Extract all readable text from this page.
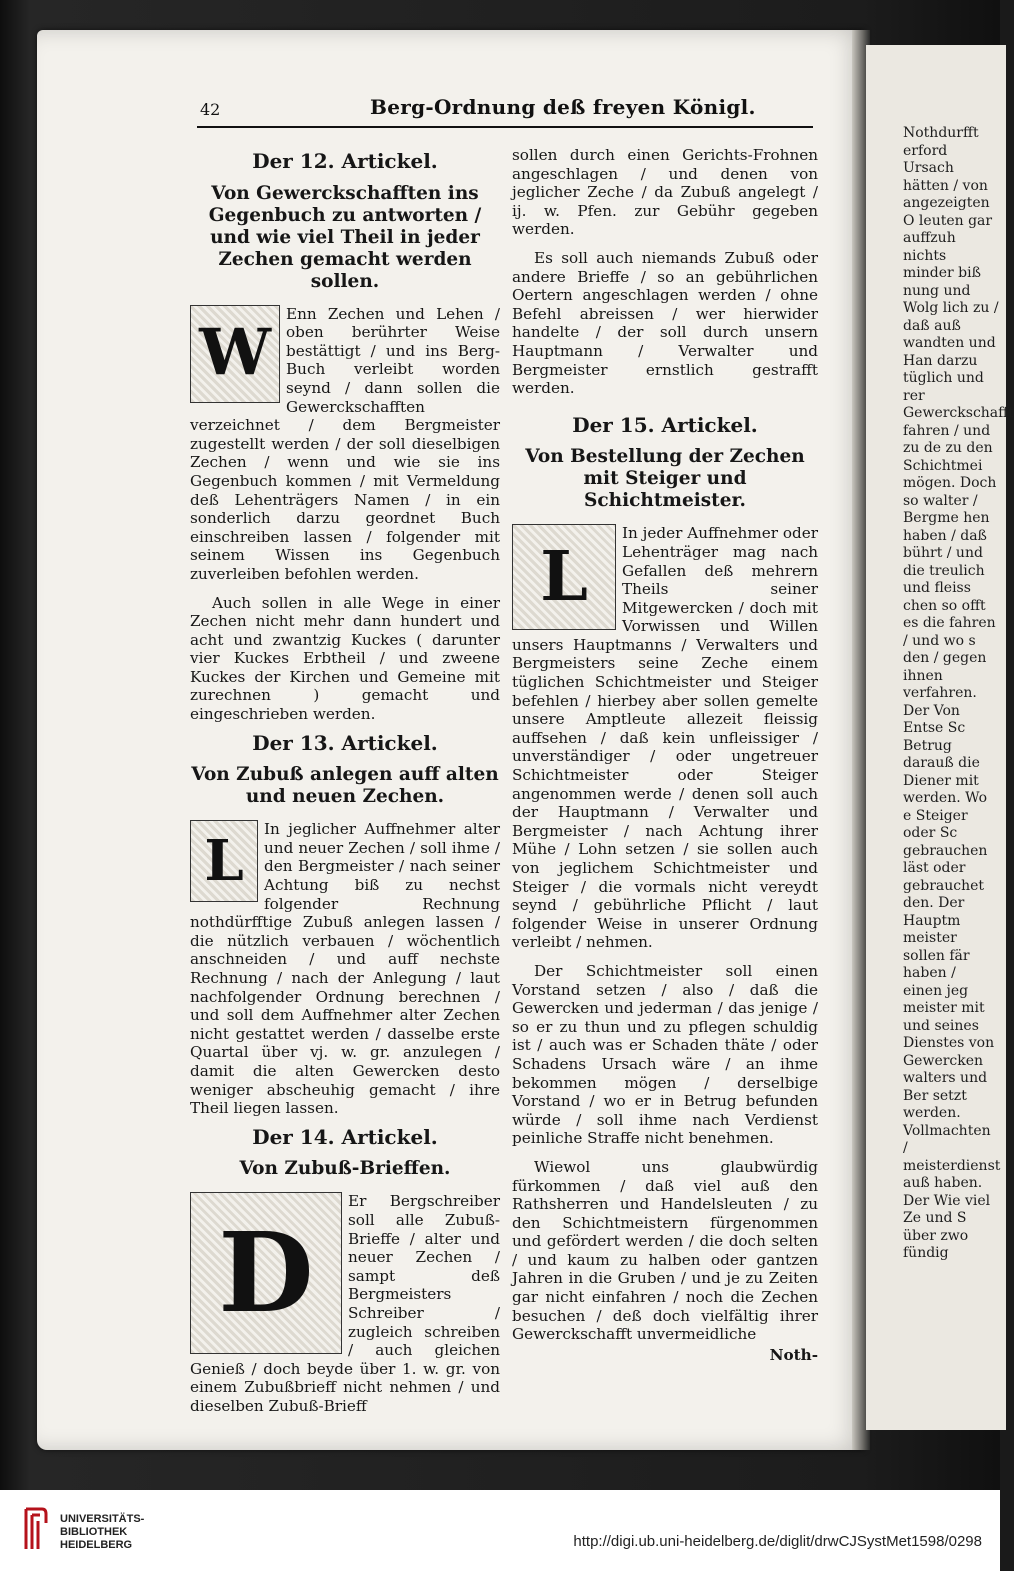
42	Berg-Ordnung deß freyen Königl.
Der 12. Artickel.
Von Gewerckschafften ins Gegenbuch zu antworten / und wie viel Theil in jeder Zechen gemacht werden sollen.
W
Enn Zechen und Lehen / oben berührter Weise bestättigt / und ins Berg-Buch verleibt worden seynd / dann sollen die Gewerckschafften verzeichnet / dem Bergmeister zugestellt werden / der soll dieselbigen Zechen / wenn und wie sie ins Gegenbuch kommen / mit Vermeldung deß Lehenträgers Namen / in ein sonderlich darzu geordnet Buch einschreiben lassen / folgender mit seinem Wissen ins Gegenbuch zuverleiben befohlen werden.
Auch sollen in alle Wege in einer Zechen nicht mehr dann hundert und acht und zwantzig Kuckes ( darunter vier Kuckes Erbtheil / und zweene Kuckes der Kirchen und Gemeine mit zurechnen ) gemacht und eingeschrieben werden.
Der 13. Artickel.
Von Zubuß anlegen auff alten und neuen Zechen.
L	In jeglicher Auffnehmer alter und neuer Zechen / soll ihme / den Bergmeister / nach seiner Achtung biß zu nechst folgender Rechnung nothdürfftige Zubuß anlegen lassen / die nützlich verbauen / wöchentlich anschneiden / und auff nechste Rechnung / nach der Anlegung / laut nachfolgender Ordnung berechnen / und soll dem Auffnehmer alter Zechen nicht gestattet werden / dasselbe erste Quartal über vj. w. gr. anzulegen / damit die alten Gewercken desto weniger abscheuhig gemacht / ihre Theil liegen lassen.
Der 14. Artickel.
Von Zubuß-Brieffen.
D
Er Bergschreiber soll alle Zubuß-Brieffe / alter und neuer Zechen / sampt deß Bergmeisters Schreiber / zugleich schreiben / auch gleichen Genieß / doch beyde über 1. w. gr. von einem Zubußbrieff nicht nehmen / und dieselben Zubuß-Brieff
sollen durch einen Gerichts-Frohnen angeschlagen / und denen von jeglicher Zeche / da Zubuß angelegt / ij. w. Pfen. zur Gebühr gegeben werden.
Es soll auch niemands Zubuß oder andere Brieffe / so an gebührlichen Oertern angeschlagen werden / ohne Befehl abreissen / wer hierwider handelte / der soll durch unsern Hauptmann / Verwalter und Bergmeister ernstlich gestrafft werden.
Der 15. Artickel.
Von Bestellung der Zechen mit Steiger und Schichtmeister.
L
In jeder Auffnehmer oder Lehenträger mag nach Gefallen deß mehrern Theils seiner Mitgewercken / doch mit Vorwissen und Willen unsers Hauptmanns / Verwalters und Bergmeisters seine Zeche einem tüglichen Schichtmeister und Steiger befehlen / hierbey aber sollen gemelte unsere Amptleute allezeit fleissig auffsehen / daß kein unfleissiger / unverständiger / oder ungetreuer Schichtmeister oder Steiger angenommen werde / denen soll auch der Hauptmann / Verwalter und Bergmeister / nach Achtung ihrer Mühe / Lohn setzen / sie sollen auch von jeglichem Schichtmeister und Steiger / die vormals nicht vereydt seynd / gebührliche Pflicht / laut folgender Weise in unserer Ordnung verleibt / nehmen.
Der Schichtmeister soll einen Vorstand setzen / also / daß die Gewercken und jederman / das jenige / so er zu thun und zu pflegen schuldig ist / auch was er Schaden thäte / oder Schadens Ursach wäre / an ihme bekommen mögen / derselbige Vorstand / wo er in Betrug befunden würde / soll ihme nach Verdienst peinliche Straffe nicht benehmen.
Wiewol uns glaubwürdig fürkommen / daß viel auß den Rathsherren und Handelsleuten / zu den Schichtmeistern fürgenommen und gefördert werden / die doch selten / und kaum zu halben oder gantzen Jahren in die Gruben / und je zu Zeiten gar nicht einfahren / noch die Zechen besuchen / deß doch vielfältig ihrer Gewerckschafft unvermeidliche
Noth-
Nothdurfft erford Ursach hätten / von angezeigten O leuten gar auffzuh nichts minder biß nung und Wolg lich zu / daß auß wandten und Han darzu tüglich und rer Gewerckschafft fahren / und zu de zu den Schichtmei mögen. Doch so walter / Bergme hen haben / daß bührt / und die treulich und fleiss chen so offt es die fahren / und wo s den / gegen ihnen verfahren. Der Von Entse Sc Betrug darauß die Diener mit werden. Wo e Steiger oder Sc gebrauchen läst oder gebrauchet den. Der Hauptm meister sollen fär haben / einen jeg meister mit und seines Dienstes von Gewercken walters und Ber setzt werden. Vollmachten / meisterdienst auß haben. Der Wie viel Ze und S über zwo fündig
UNIVERSITÄTS-
BIBLIOTHEK
HEIDELBERG	http://digi.ub.uni-heidelberg.de/diglit/drwCJSystMet1598/0298
